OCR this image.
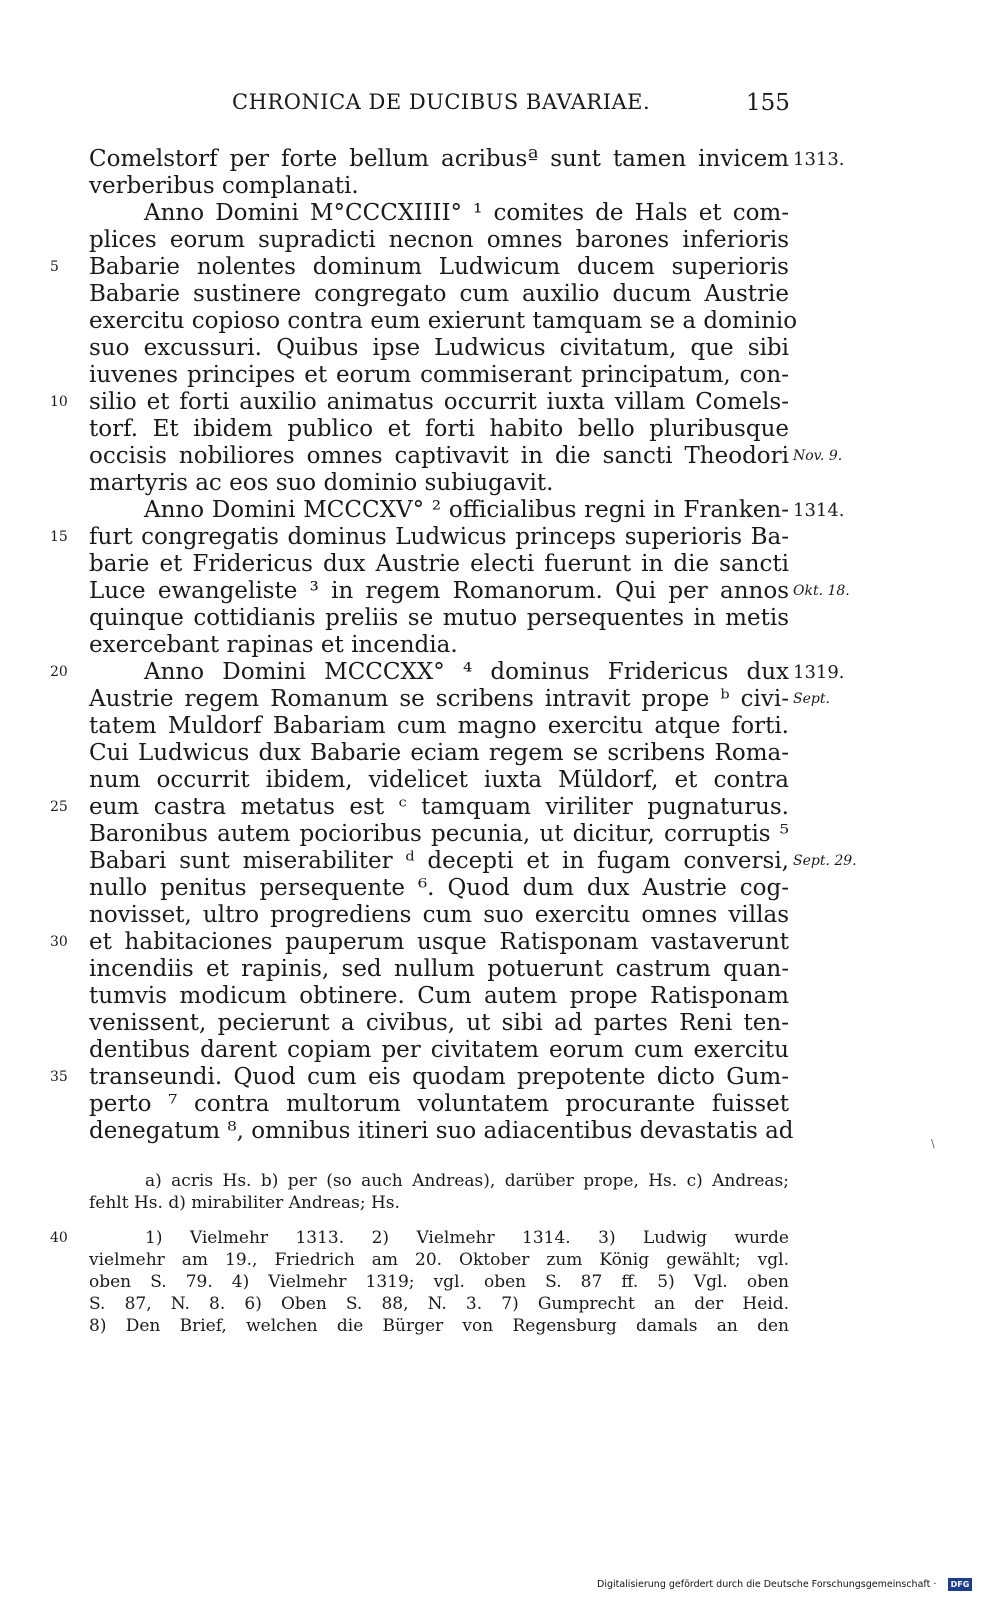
CHRONICA DE DUCIBUS BAVARIAE.	155
Comelstorf per forte bellum acribusª sunt tamen invicem
verberibus complanati.
Anno Domini M°CCCXIIII° ¹ comites de Hals et com-
plices eorum supradicti necnon omnes barones inferioris
Babarie nolentes dominum Ludwicum ducem superioris
Babarie sustinere congregato cum auxilio ducum Austrie
exercitu copioso contra eum exierunt tamquam se a dominio
suo excussuri. Quibus ipse Ludwicus civitatum, que sibi
iuvenes principes et eorum commiserant principatum, con-
silio et forti auxilio animatus occurrit iuxta villam Comels-
torf. Et ibidem publico et forti habito bello pluribusque
occisis nobiliores omnes captivavit in die sancti Theodori
martyris ac eos suo dominio subiugavit.
Anno Domini MCCCXV° ² officialibus regni in Franken-
furt congregatis dominus Ludwicus princeps superioris Ba-
barie et Fridericus dux Austrie electi fuerunt in die sancti
Luce ewangeliste ³ in regem Romanorum. Qui per annos
quinque cottidianis preliis se mutuo persequentes in metis
exercebant rapinas et incendia.
Anno Domini MCCCXX° ⁴ dominus Fridericus dux
Austrie regem Romanum se scribens intravit prope ᵇ civi-
tatem Muldorf Babariam cum magno exercitu atque forti.
Cui Ludwicus dux Babarie eciam regem se scribens Roma-
num occurrit ibidem, videlicet iuxta Müldorf, et contra
eum castra metatus est ᶜ tamquam viriliter pugnaturus.
Baronibus autem pocioribus pecunia, ut dicitur, corruptis ⁵
Babari sunt miserabiliter ᵈ decepti et in fugam conversi,
nullo penitus persequente ⁶. Quod dum dux Austrie cog-
novisset, ultro progrediens cum suo exercitu omnes villas
et habitaciones pauperum usque Ratisponam vastaverunt
incendiis et rapinis, sed nullum potuerunt castrum quan-
tumvis modicum obtinere. Cum autem prope Ratisponam
venissent, pecierunt a civibus, ut sibi ad partes Reni ten-
dentibus darent copiam per civitatem eorum cum exercitu
transeundi. Quod cum eis quodam prepotente dicto Gum-
perto ⁷ contra multorum voluntatem procurante fuisset
denegatum ⁸, omnibus itineri suo adiacentibus devastatis ad
5
10
15
20
25
30
35
40
1313.
Nov. 9.
1314.
Okt. 18.
1319.
Sept.
Sept. 29.
a) acris Hs. b) per (so auch Andreas), darüber prope, Hs. c) Andreas;
fehlt Hs. d) mirabiliter Andreas; Hs.
1) Vielmehr 1313. 2) Vielmehr 1314. 3) Ludwig wurde
vielmehr am 19., Friedrich am 20. Oktober zum König gewählt; vgl.
oben S. 79. 4) Vielmehr 1319; vgl. oben S. 87 ff. 5) Vgl. oben
S. 87, N. 8. 6) Oben S. 88, N. 3. 7) Gumprecht an der Heid.
8) Den Brief, welchen die Bürger von Regensburg damals an den
\
Digitalisierung gefördert durch die Deutsche Forschungsgemeinschaft ·	DFG
